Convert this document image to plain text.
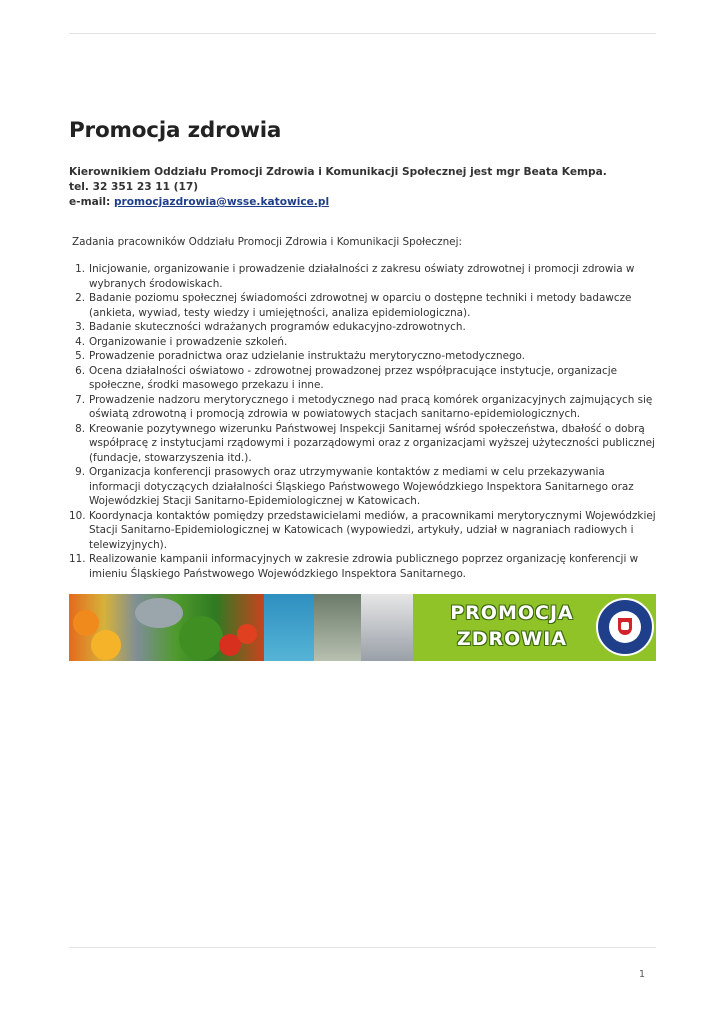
Promocja zdrowia
Kierownikiem Oddziału Promocji Zdrowia i Komunikacji Społecznej jest mgr Beata Kempa.
tel. 32 351 23 11 (17)
e-mail: promocjazdrowia@wsse.katowice.pl
Zadania pracowników Oddziału Promocji Zdrowia i Komunikacji Społecznej:
1. Inicjowanie, organizowanie i prowadzenie działalności z zakresu oświaty zdrowotnej i promocji zdrowia w wybranych środowiskach.
2. Badanie poziomu społecznej świadomości zdrowotnej w oparciu o dostępne techniki i metody badawcze (ankieta, wywiad, testy wiedzy i umiejętności, analiza epidemiologiczna).
3. Badanie skuteczności wdrażanych programów edukacyjno-zdrowotnych.
4. Organizowanie i prowadzenie szkoleń.
5. Prowadzenie poradnictwa oraz udzielanie instruktażu merytoryczno-metodycznego.
6. Ocena działalności oświatowo - zdrowotnej prowadzonej przez współpracujące instytucje, organizacje społeczne, środki masowego przekazu i inne.
7. Prowadzenie nadzoru merytorycznego i metodycznego nad pracą komórek organizacyjnych zajmujących się oświatą zdrowotną i promocją zdrowia w powiatowych stacjach sanitarno-epidemiologicznych.
8. Kreowanie pozytywnego wizerunku Państwowej Inspekcji Sanitarnej wśród społeczeństwa, dbałość o dobrą współpracę z instytucjami rządowymi i pozarządowymi oraz z organizacjami wyższej użyteczności publicznej (fundacje, stowarzyszenia itd.).
9. Organizacja konferencji prasowych oraz utrzymywanie kontaktów z mediami w celu przekazywania informacji dotyczących działalności Śląskiego Państwowego Wojewódzkiego Inspektora Sanitarnego oraz Wojewódzkiej Stacji Sanitarno-Epidemiologicznej w Katowicach.
10. Koordynacja kontaktów pomiędzy przedstawicielami mediów, a pracownikami merytorycznymi Wojewódzkiej Stacji Sanitarno-Epidemiologicznej w Katowicach (wypowiedzi, artykuły, udział w nagraniach radiowych i telewizyjnych).
11. Realizowanie kampanii informacyjnych w zakresie zdrowia publicznego poprzez organizację konferencji w imieniu Śląskiego Państwowego Wojewódzkiego Inspektora Sanitarnego.
PROMOCJA
ZDROWIA
1
